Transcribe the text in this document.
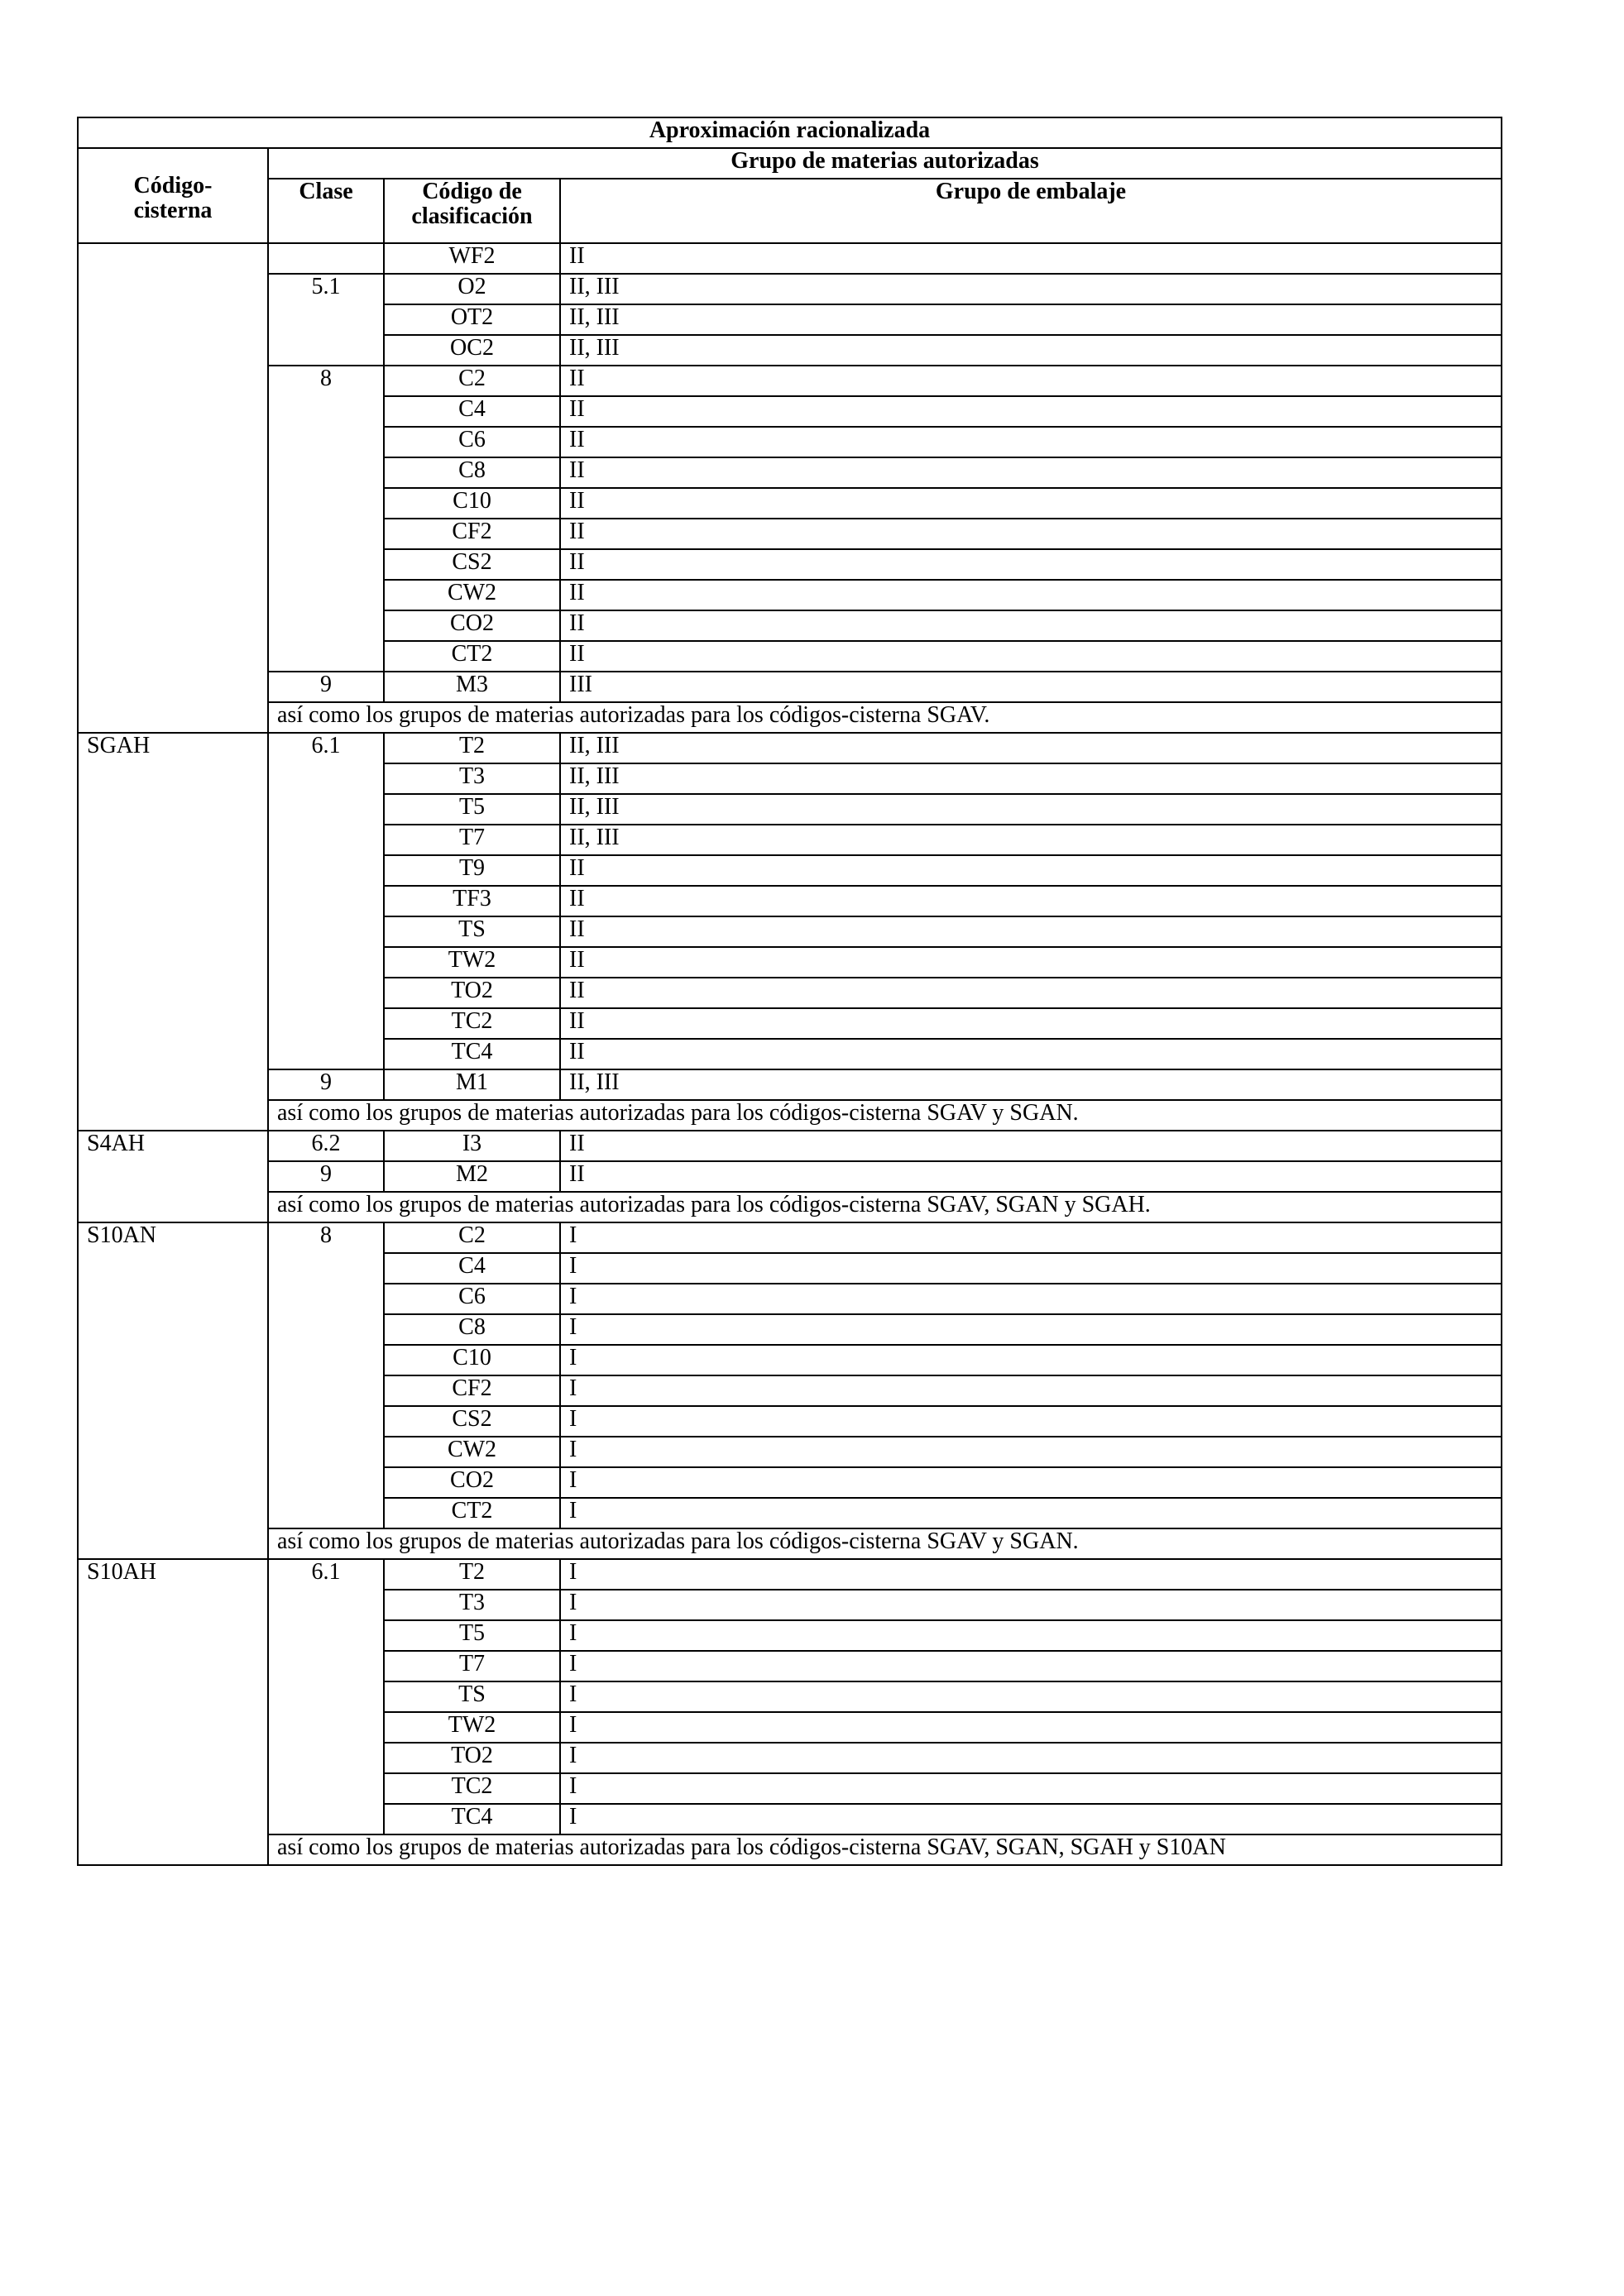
Aproximación racionalizada			

Código-
cisterna	Grupo de materias autorizadas		
	Clase	Código de clasificación	Grupo de embalaje

		WF2	II
	5.1	O2	II, III
		OT2	II, III
		OC2	II, III
	8	C2	II
		C4	II
		C6	II
		C8	II
		C10	II
		CF2	II
		CS2	II
		CW2	II
		CO2	II
		CT2	II
	9	M3	III
	así como los grupos de materias autorizadas para los códigos-cisterna SGAV.		
SGAH	6.1	T2	II, III
		T3	II, III
		T5	II, III
		T7	II, III
		T9	II
		TF3	II
		TS	II
		TW2	II
		TO2	II
		TC2	II
		TC4	II
	9	M1	II, III
	así como los grupos de materias autorizadas para los códigos-cisterna SGAV y SGAN.		
S4AH	6.2	I3	II
	9	M2	II
	así como los grupos de materias autorizadas para los códigos-cisterna SGAV, SGAN y SGAH.		
S10AN	8	C2	I
		C4	I
		C6	I
		C8	I
		C10	I
		CF2	I
		CS2	I
		CW2	I
		CO2	I
		CT2	I
	así como los grupos de materias autorizadas para los códigos-cisterna SGAV y SGAN.		
S10AH	6.1	T2	I
		T3	I
		T5	I
		T7	I
		TS	I
		TW2	I
		TO2	I
		TC2	I
		TC4	I
	así como los grupos de materias autorizadas para los códigos-cisterna SGAV, SGAN, SGAH y S10AN		
